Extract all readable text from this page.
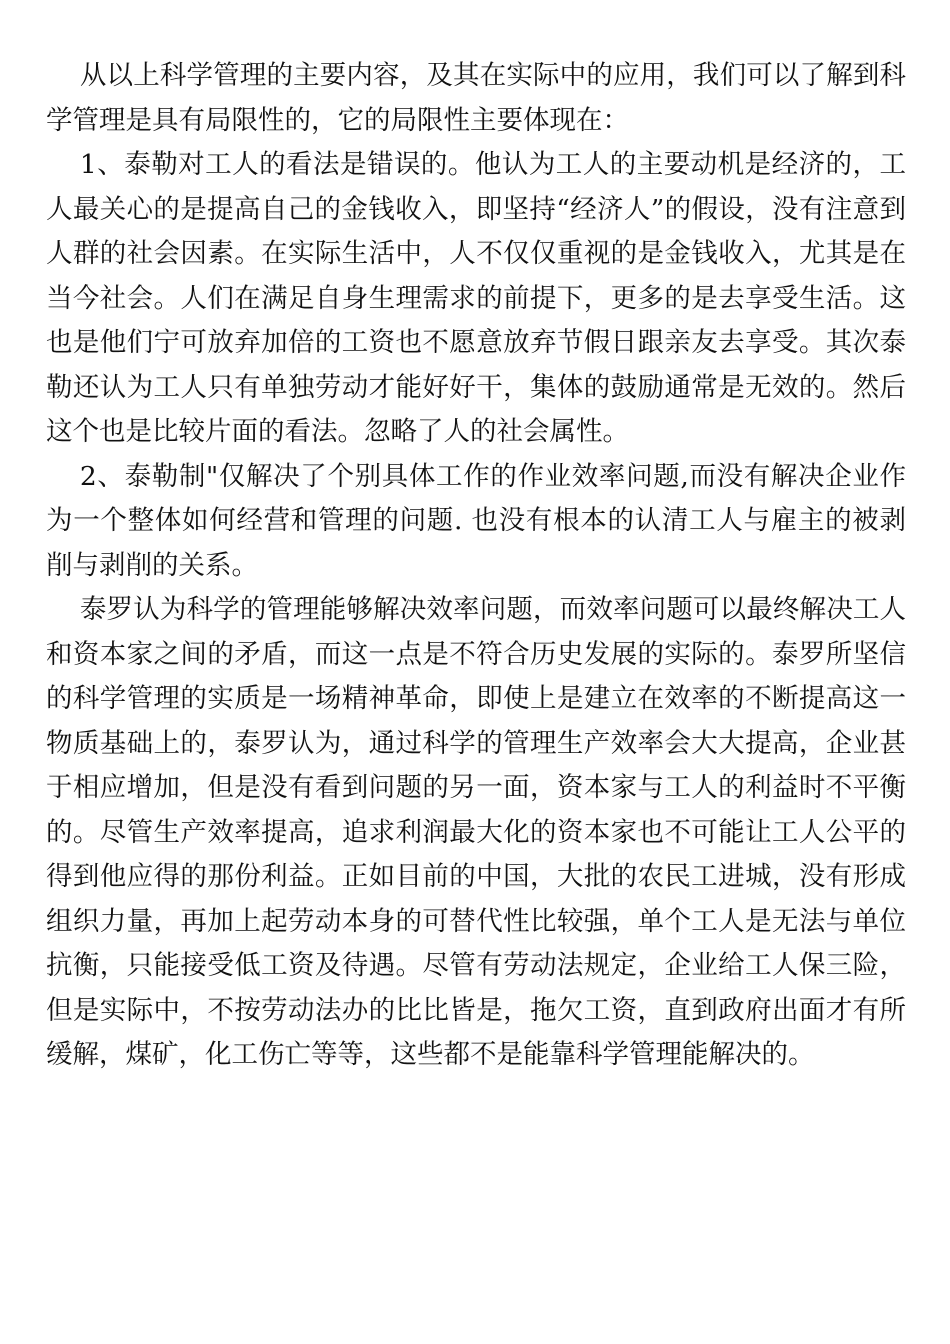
从以上科学管理的主要内容，及其在实际中的应用，我们可以了解到科学管理是具有局限性的，它的局限性主要体现在：

1、泰勒对工人的看法是错误的。他认为工人的主要动机是经济的，工人最关心的是提高自己的金钱收入，即坚持“经济人”的假设，没有注意到人群的社会因素。在实际生活中，人不仅仅重视的是金钱收入，尤其是在当今社会。人们在满足自身生理需求的前提下，更多的是去享受生活。这也是他们宁可放弃加倍的工资也不愿意放弃节假日跟亲友去享受。其次泰勒还认为工人只有单独劳动才能好好干，集体的鼓励通常是无效的。然后这个也是比较片面的看法。忽略了人的社会属性。

2、泰勒制"仅解决了个别具体工作的作业效率问题,而没有解决企业作为一个整体如何经营和管理的问题. 也没有根本的认清工人与雇主的被剥削与剥削的关系。

泰罗认为科学的管理能够解决效率问题，而效率问题可以最终解决工人和资本家之间的矛盾，而这一点是不符合历史发展的实际的。泰罗所坚信的科学管理的实质是一场精神革命，即使上是建立在效率的不断提高这一物质基础上的，泰罗认为，通过科学的管理生产效率会大大提高，企业甚于相应增加，但是没有看到问题的另一面，资本家与工人的利益时不平衡的。尽管生产效率提高，追求利润最大化的资本家也不可能让工人公平的得到他应得的那份利益。正如目前的中国，大批的农民工进城，没有形成组织力量，再加上起劳动本身的可替代性比较强，单个工人是无法与单位抗衡，只能接受低工资及待遇。尽管有劳动法规定，企业给工人保三险，但是实际中，不按劳动法办的比比皆是，拖欠工资，直到政府出面才有所缓解，煤矿，化工伤亡等等，这些都不是能靠科学管理能解决的。
